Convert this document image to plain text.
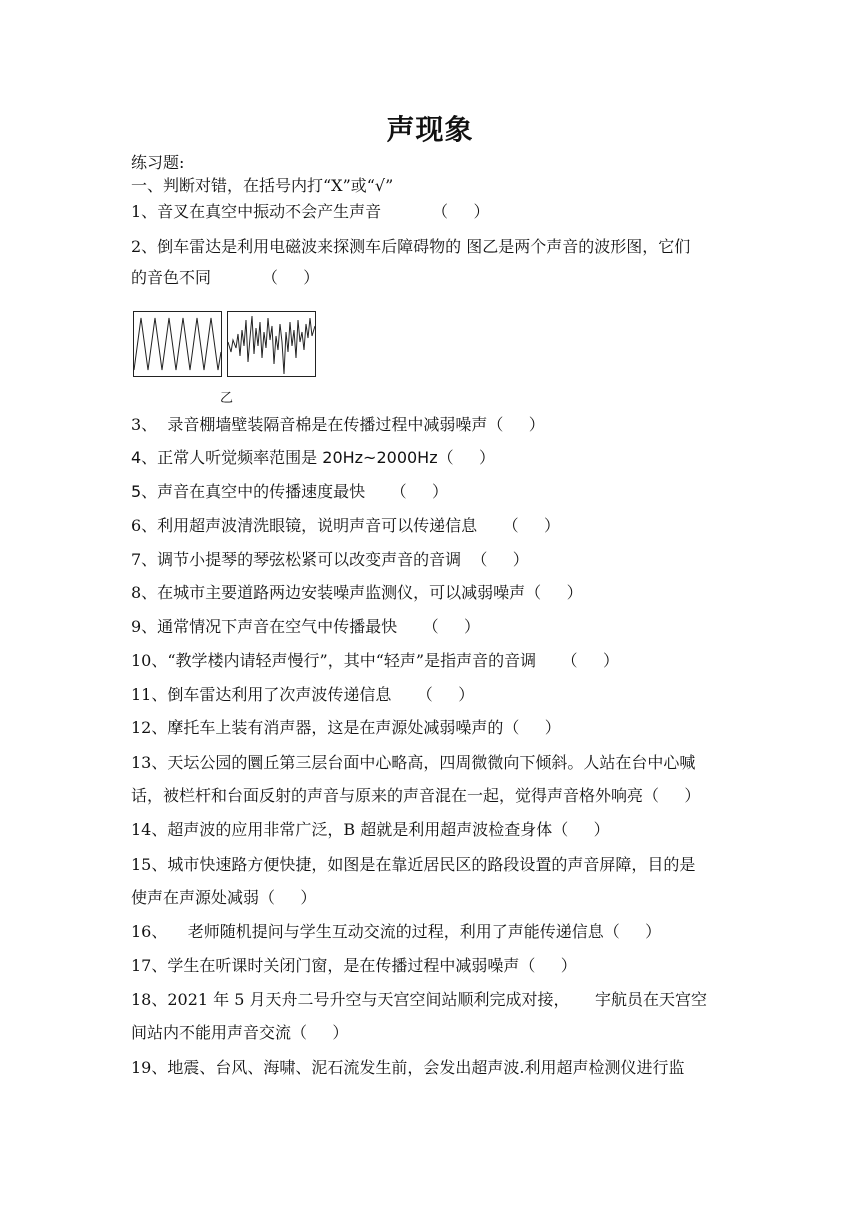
声现象
练习题:
一、判断对错，在括号内打“X”或“√”
1、音叉在真空中振动不会产生声音          （     ）
2、倒车雷达是利用电磁波来探测车后障碍物的 图乙是两个声音的波形图，它们
的音色不同          （     ）
乙
3、  录音棚墙壁装隔音棉是在传播过程中减弱噪声（     ）
4、正常人听觉频率范围是 20Hz~2000Hz（     ）
5、声音在真空中的传播速度最快     （     ）
6、利用超声波清洗眼镜，说明声音可以传递信息     （     ）
7、调节小提琴的琴弦松紧可以改变声音的音调  （     ）
8、在城市主要道路两边安装噪声监测仪，可以减弱噪声（     ）
9、通常情况下声音在空气中传播最快     （     ）
10、“教学楼内请轻声慢行”，其中“轻声”是指声音的音调     （     ）
11、倒车雷达利用了次声波传递信息     （     ）
12、摩托车上装有消声器，这是在声源处减弱噪声的（     ）
13、天坛公园的圜丘第三层台面中心略高，四周微微向下倾斜。人站在台中心喊
话，被栏杆和台面反射的声音与原来的声音混在一起，觉得声音格外响亮（     ）
14、超声波的应用非常广泛，B 超就是利用超声波检查身体（     ）
15、城市快速路方便快捷，如图是在靠近居民区的路段设置的声音屏障，目的是
使声在声源处减弱（     ）
16、    老师随机提问与学生互动交流的过程，利用了声能传递信息（     ）
17、学生在听课时关闭门窗，是在传播过程中减弱噪声（     ）
18、2021 年 5 月天舟二号升空与天宫空间站顺利完成对接，     宇航员在天宫空
间站内不能用声音交流（     ）
19、地震、台风、海啸、泥石流发生前，会发出超声波.利用超声检测仪进行监
